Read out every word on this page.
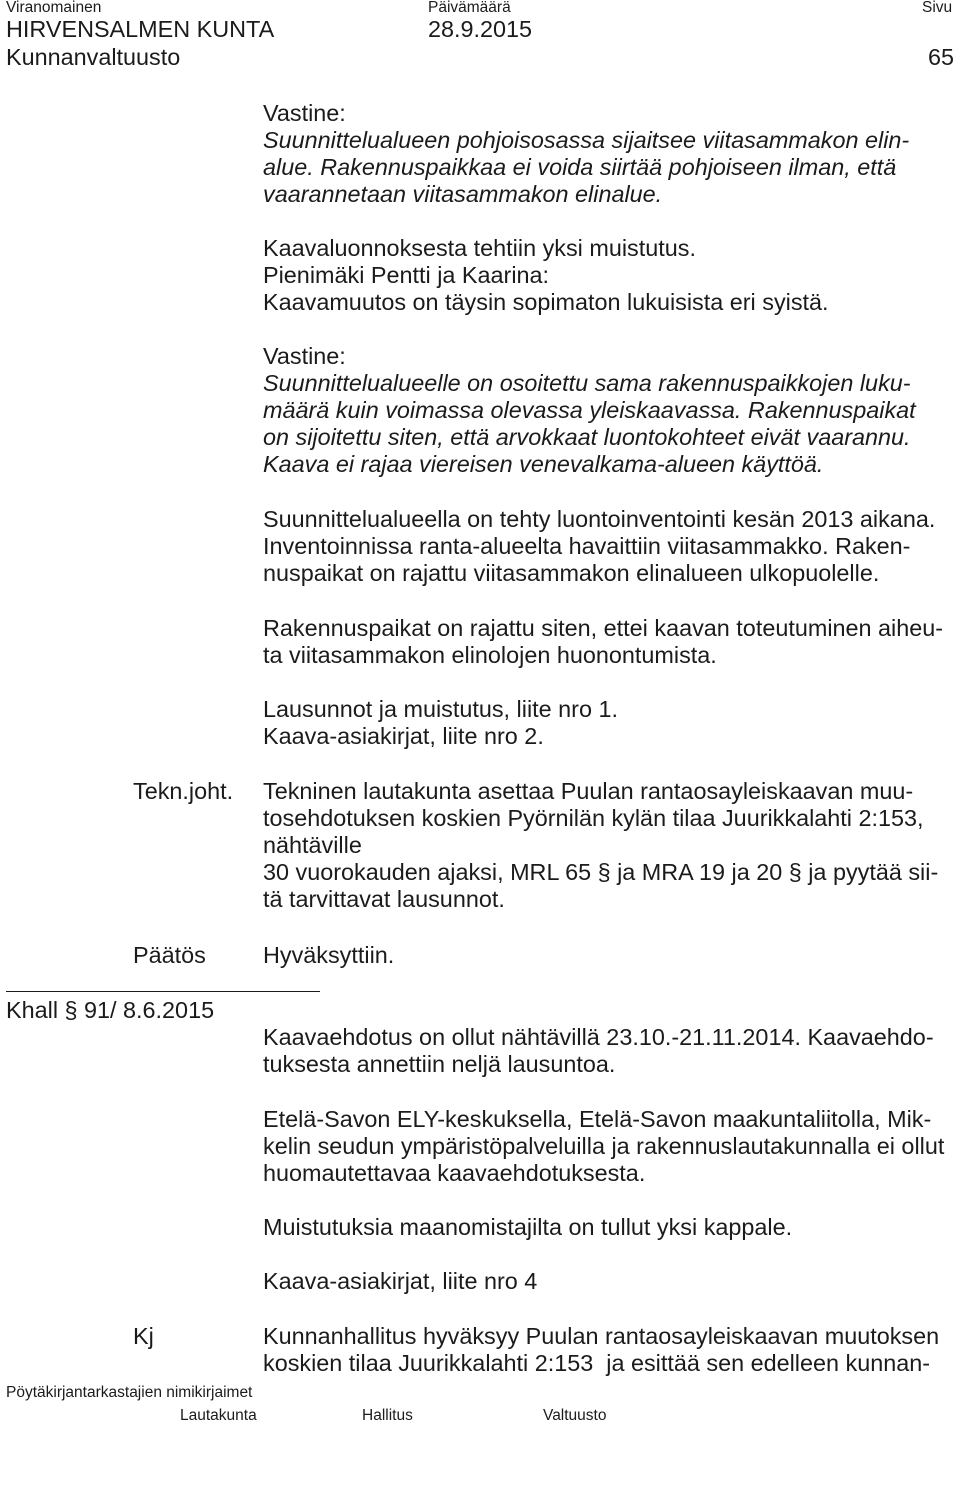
Viranomainen	Päivämäärä	Sivu
HIRVENSALMEN KUNTA	28.9.2015
Kunnanvaltuusto	65
Vastine:
Suunnittelualueen pohjoisosassa sijaitsee viitasammakon elin-
alue. Rakennuspaikkaa ei voida siirtää pohjoiseen ilman, että
vaarannetaan viitasammakon elinalue.
Kaavaluonnoksesta tehtiin yksi muistutus.
Pienimäki Pentti ja Kaarina:
Kaavamuutos on täysin sopimaton lukuisista eri syistä.
Vastine:
Suunnittelualueelle on osoitettu sama rakennuspaikkojen luku-
määrä kuin voimassa olevassa yleiskaavassa. Rakennuspaikat
on sijoitettu siten, että arvokkaat luontokohteet eivät vaarannu.
Kaava ei rajaa viereisen venevalkama-alueen käyttöä.
Suunnittelualueella on tehty luontoinventointi kesän 2013 aikana.
Inventoinnissa ranta-alueelta havaittiin viitasammakko. Raken-
nuspaikat on rajattu viitasammakon elinalueen ulkopuolelle.
Rakennuspaikat on rajattu siten, ettei kaavan toteutuminen aiheu-
ta viitasammakon elinolojen huonontumista.
Lausunnot ja muistutus, liite nro 1.
Kaava-asiakirjat, liite nro 2.
Tekn.joht. Tekninen lautakunta asettaa Puulan rantaosayleiskaavan muu-
tosehdotuksen koskien Pyörnilän kylän tilaa Juurikkalahti 2:153,
nähtäville
30 vuorokauden ajaksi, MRL 65 § ja MRA 19 ja 20 § ja pyytää sii-
tä tarvittavat lausunnot.
Päätös Hyväksyttiin.
Khall § 91/ 8.6.2015
Kaavaehdotus on ollut nähtävillä 23.10.-21.11.2014. Kaavaehdo-
tuksesta annettiin neljä lausuntoa.
Etelä-Savon ELY-keskuksella, Etelä-Savon maakuntaliitolla, Mik-
kelin seudun ympäristöpalveluilla ja rakennuslautakunnalla ei ollut
huomautettavaa kaavaehdotuksesta.
Muistutuksia maanomistajilta on tullut yksi kappale.
Kaava-asiakirjat, liite nro 4
Kj	Kunnanhallitus hyväksyy Puulan rantaosayleiskaavan muutoksen
koskien tilaa Juurikkalahti 2:153  ja esittää sen edelleen kunnan-
Pöytäkirjantarkastajien nimikirjaimet
Lautakunta	Hallitus	Valtuusto
